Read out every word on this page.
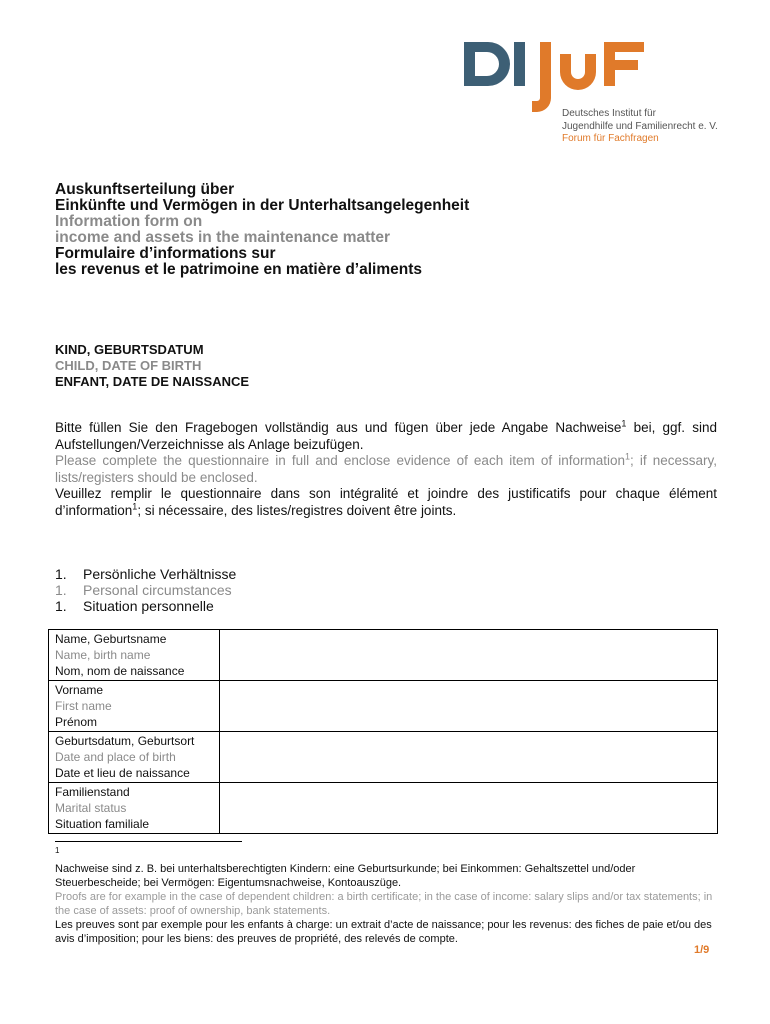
Deutsches Institut für
Jugendhilfe und Familienrecht e. V.
Forum für Fachfragen
Auskunftserteilung über
Einkünfte und Vermögen in der Unterhaltsangelegenheit
Information form on
income and assets in the maintenance matter
Formulaire d’informations sur
les revenus et le patrimoine en matière d’aliments
KIND, GEBURTSDATUM
CHILD, DATE OF BIRTH
ENFANT, DATE DE NAISSANCE

Bitte füllen Sie den Fragebogen vollständig aus und fügen über jede Angabe Nachweise$^1$ bei, ggf. sind Aufstellungen/Verzeichnisse als Anlage beizufügen.

Please complete the questionnaire in full and enclose evidence of each item of information$^1$; if necessary, lists/registers should be enclosed.

Veuillez remplir le questionnaire dans son intégralité et joindre des justificatifs pour chaque élément d’information$^1$; si nécessaire, des listes/registres doivent être joints.

1. Persönliche Verhältnisse
1. Personal circumstances
1. Situation personnelle
Name, Geburtsname
Name, birth name
Nom, nom de naissance	

Vorname
First name
Prénom	

Geburtsdatum, Geburtsort
Date and place of birth
Date et lieu de naissance	

Familienstand
Marital status
Situation familiale	

1

Nachweise sind z. B. bei unterhaltsberechtigten Kindern: eine Geburtsurkunde; bei Einkommen: Gehaltszettel und/oder Steuerbescheide; bei Vermögen: Eigentumsnachweise, Kontoauszüge.

Proofs are for example in the case of dependent children: a birth certificate; in the case of income: salary slips and/or tax statements; in the case of assets: proof of ownership, bank statements.

Les preuves sont par exemple pour les enfants à charge: un extrait d’acte de naissance; pour les revenus: des fiches de paie et/ou des avis d’imposition; pour les biens: des preuves de propriété, des relevés de compte.

1/9
